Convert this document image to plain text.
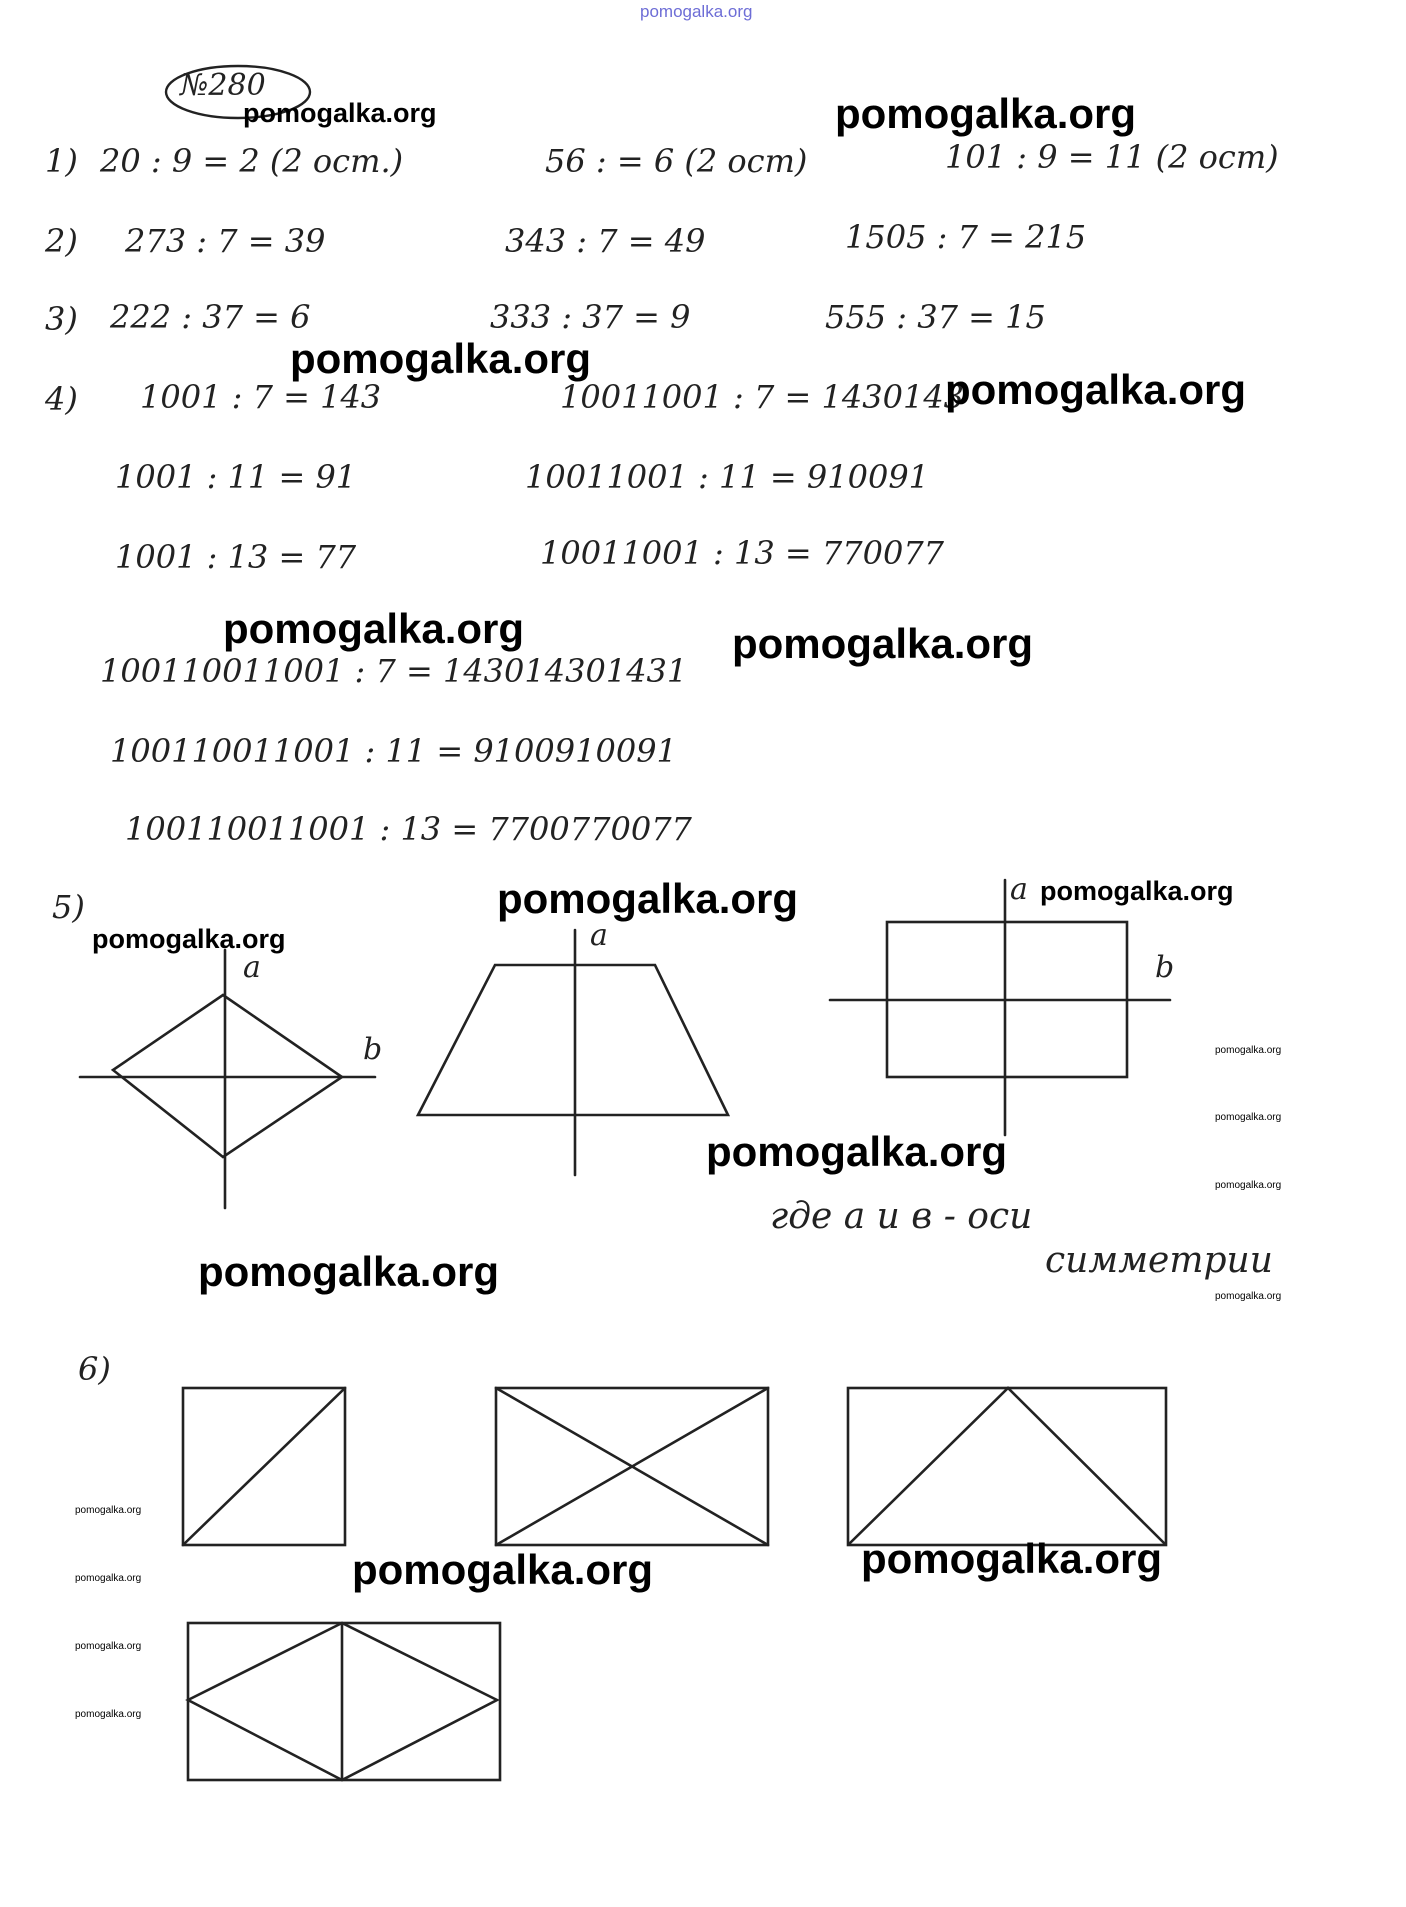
pomogalka.org
№280
1) 20 : 9 = 2 (2 ост.)	56 : = 6 (2 ост)	101 : 9 = 11 (2 ост)
2) 273 : 7 = 39	343 : 7 = 49	1505 : 7 = 215
3) 222 : 37 = 6	333 : 37 = 9	555 : 37 = 15
4) 1001 : 7 = 143	10011001 : 7 = 1430143
1001 : 11 = 91	10011001 : 11 = 910091
1001 : 13 = 77	10011001 : 13 = 770077
100110011001 : 7 = 143014301431
100110011001 : 11 = 9100910091
100110011001 : 13 = 7700770077
5)
a
b
a
a
b
где а и в - оси
симметрии
6)
pomogalka.org	pomogalka.org
pomogalka.org
pomogalka.org
pomogalka.org	pomogalka.org
pomogalka.org	pomogalka.org
pomogalka.org
pomogalka.org
pomogalka.org
pomogalka.org	pomogalka.org
pomogalka.org
pomogalka.org
pomogalka.org
pomogalka.org
pomogalka.org
pomogalka.org
pomogalka.org
pomogalka.org
